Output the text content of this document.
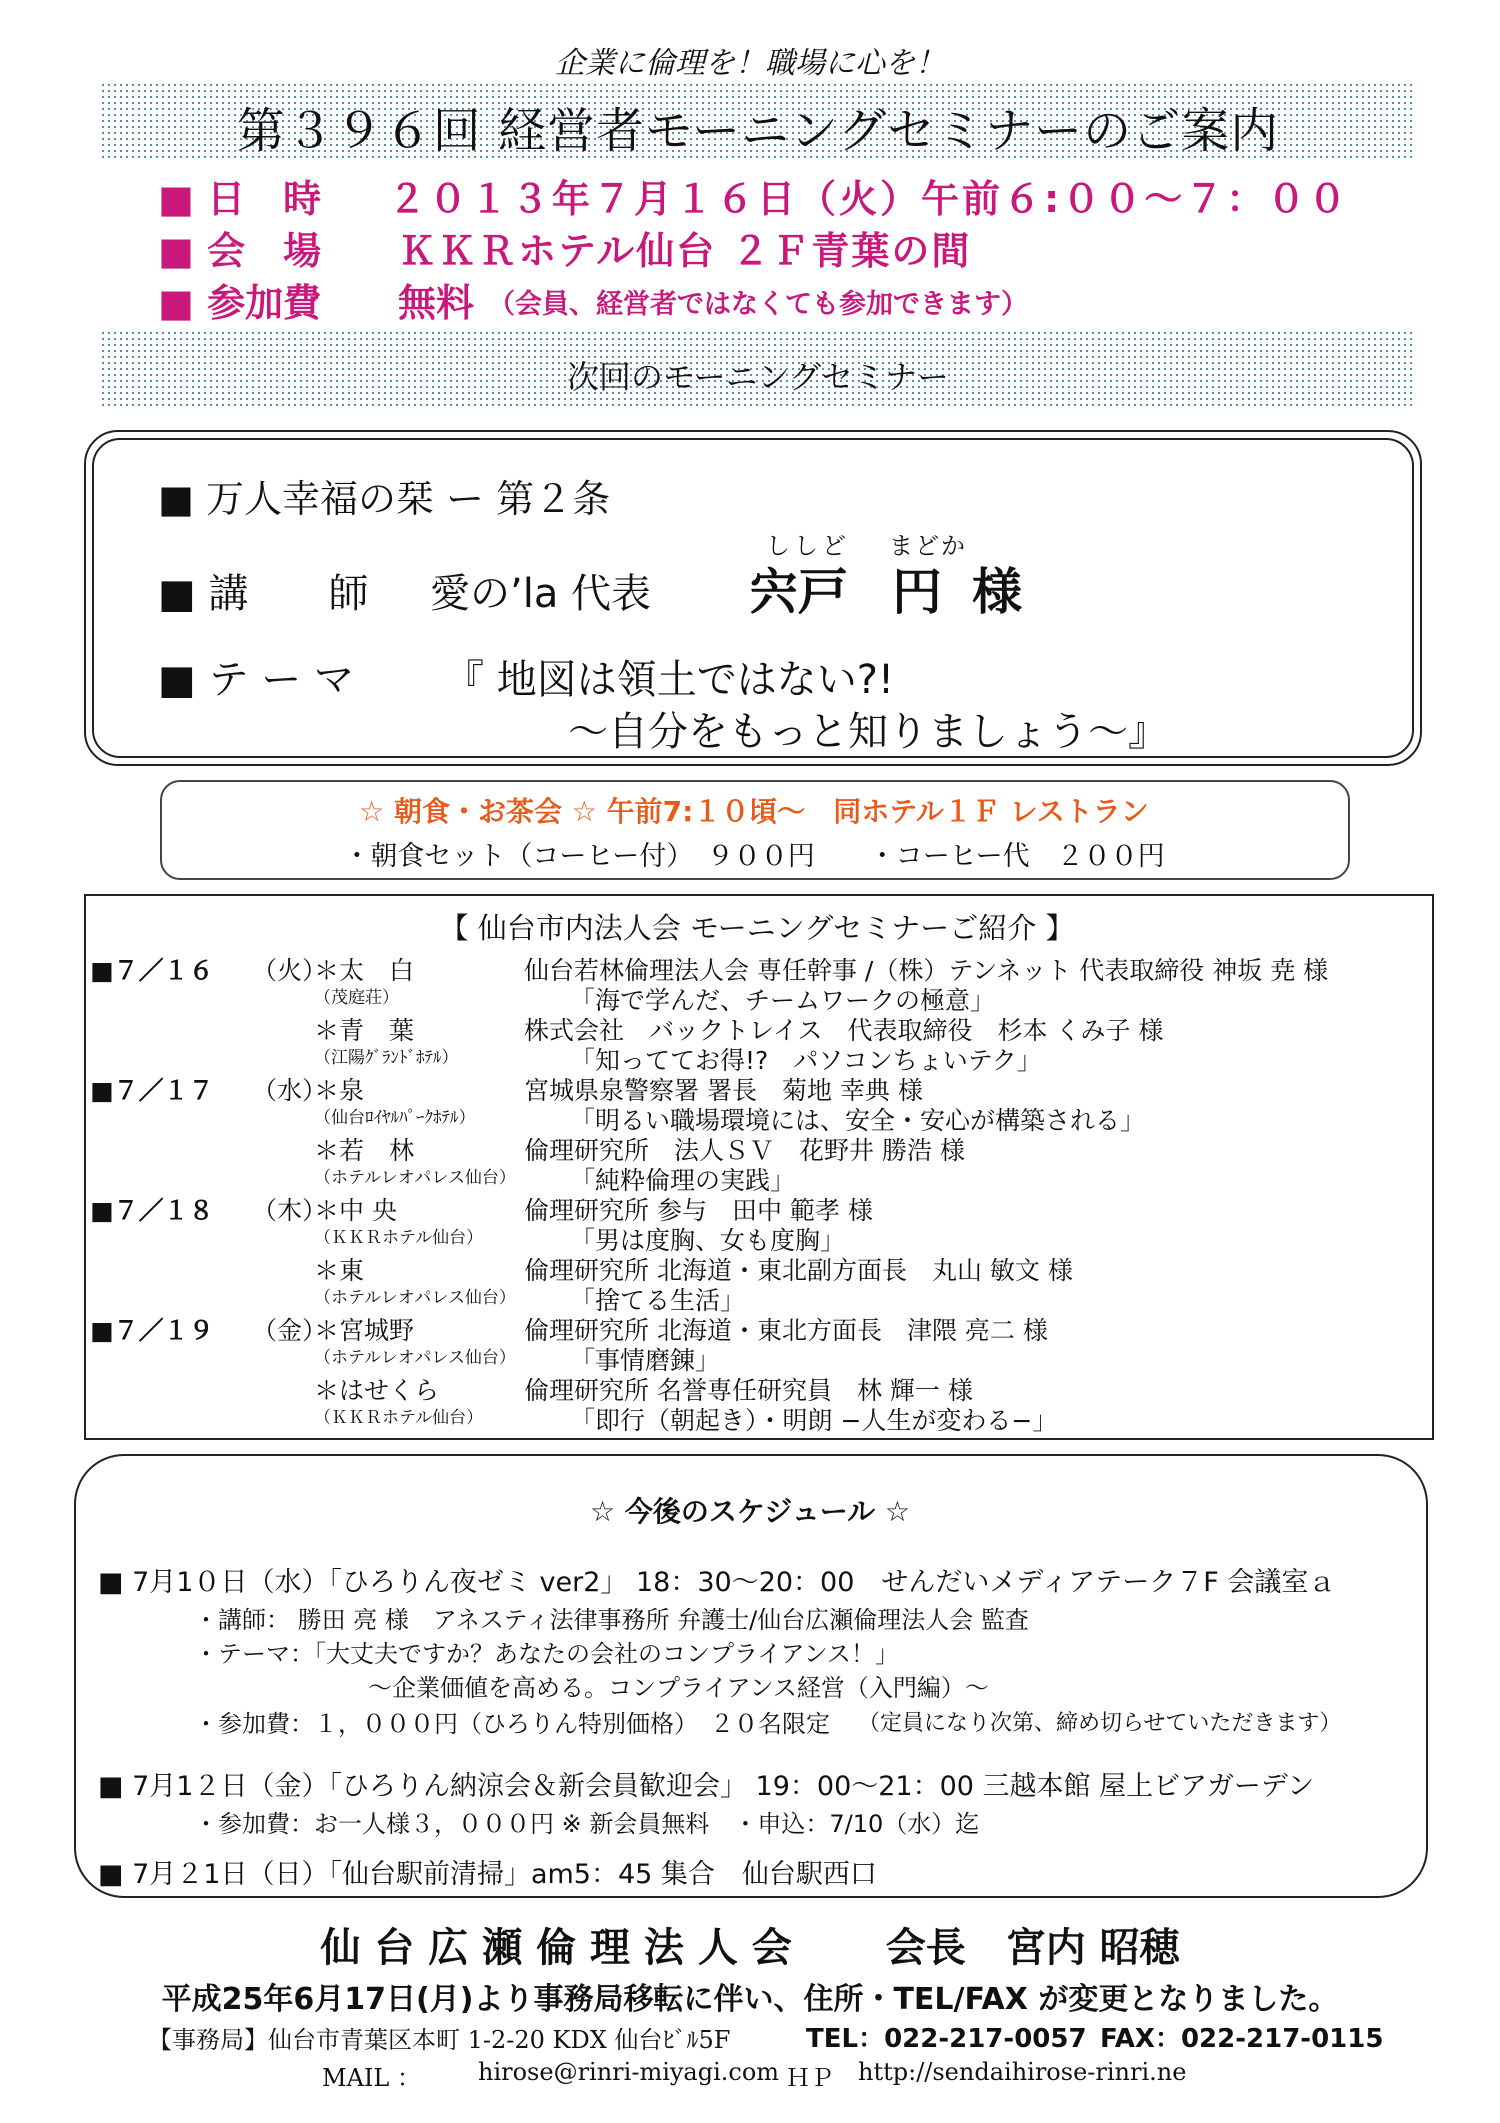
企業に倫理を！職場に心を！
第３９６回 経営者モーニングセミナーのご案内
■ 日　時 ２０１３年７月１６日（火）午前６:００～７：００
■ 会　場 ＫＫＲホテル仙台 ２Ｆ青葉の間
■ 参加費 無料 （会員、経営者ではなくても参加できます）
次回のモーニングセミナー
■ 万人幸福の栞 ー 第２条
■ 講　　師 愛の’la 代表
ししど	まどか
宍戸 円 様
■ テ ー マ 『 地図は領土ではない?!
～自分をもっと知りましょう～』
☆ 朝食・お茶会 ☆ 午前7:１０頃～　同ホテル１Ｆ レストラン
・朝食セット（コーヒー付）　９００円　　・コーヒー代　２００円
【 仙台市内法人会 モーニングセミナーご紹介 】
■７／１６ （火）
＊太　白	仙台若林倫理法人会 専任幹事 /（株）テンネット 代表取締役 神坂 尭 様
（茂庭荘）	「海で学んだ、チームワークの極意」
＊青　葉	株式会社　バックトレイス　代表取締役　杉本 くみ子 様
（江陽ｸﾞﾗﾝﾄﾞﾎﾃﾙ）	「知っててお得!?　パソコンちょいテク」
■７／１７ （水）
＊泉	宮城県泉警察署 署長　菊地 幸典 様
（仙台ﾛｲﾔﾙﾊﾟｰｸﾎﾃﾙ）	「明るい職場環境には、安全・安心が構築される」
＊若　林	倫理研究所　法人ＳＶ　花野井 勝浩 様
（ホテルレオパレス仙台） 「純粋倫理の実践」
■７／１８ （木）
＊中 央	倫理研究所 参与　田中 範孝 様
（ＫＫＲホテル仙台）	「男は度胸、女も度胸」
＊東	倫理研究所 北海道・東北副方面長　丸山 敏文 様
（ホテルレオパレス仙台） 「捨てる生活」
■７／１９ （金）
＊宮城野	倫理研究所 北海道・東北方面長　津隈 亮二 様
（ホテルレオパレス仙台） 「事情磨錬」
＊はせくら	倫理研究所 名誉専任研究員　林 輝一 様
（ＫＫＲホテル仙台）	「即行（朝起き）・明朗 −人生が変わる−」
☆ 今後のスケジュール ☆
■ 7月1０日（水）「ひろりん夜ゼミ ver2」 18：30～20：00　せんだいメディアテーク７F 会議室ａ
・講師： 勝田 亮 様　アネスティ法律事務所 弁護士/仙台広瀬倫理法人会 監査
・テーマ：「大丈夫ですか？あなたの会社のコンプライアンス！」
～企業価値を高める。コンプライアンス経営（入門編）～
・参加費：１，０００円（ひろりん特別価格）　２０名限定 （定員になり次第、締め切らせていただきます）
■ 7月1２日（金）「ひろりん納涼会＆新会員歓迎会」 19：00～21：00 三越本館 屋上ビアガーデン
・参加費：お一人様３，０００円 ※ 新会員無料　・申込：7/10（水）迄
■ 7月２1日（日）「仙台駅前清掃」am5：45 集合　仙台駅西口
仙 台 広 瀬 倫 理 法 人 会　　 会長　宮内 昭穂
平成25年6月17日(月)より事務局移転に伴い、住所・TEL/FAX が変更となりました。
【事務局】仙台市青葉区本町 1-2-20 KDX 仙台ﾋﾞﾙ5F	TEL：022-217-0057 FAX：022-217-0115
MAIL ： hirose@rinri-miyagi.com ＨＰ http://sendaihirose-rinri.ne
